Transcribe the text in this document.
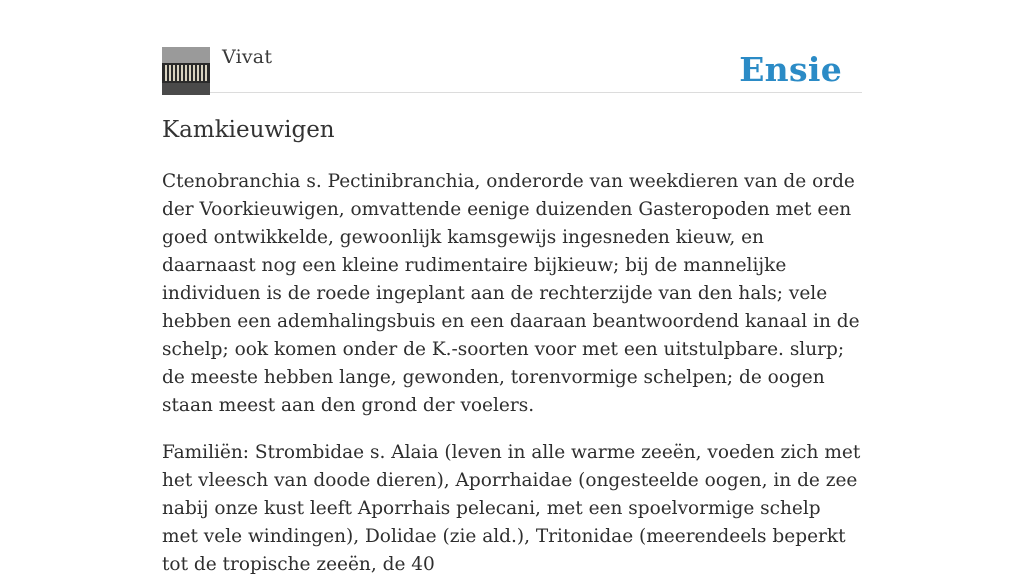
Vivat	Ensie
Kamkieuwigen

Ctenobranchia s. Pectinibranchia, onderorde van weekdieren van de orde der Voorkieuwigen, omvattende eenige duizenden Gasteropoden met een goed ontwikkelde, gewoonlijk kamsgewijs ingesneden kieuw, en daarnaast nog een kleine rudimentaire bijkieuw; bij de mannelijke individuen is de roede ingeplant aan de rechterzijde van den hals; vele hebben een ademhalingsbuis en een daaraan beantwoordend kanaal in de schelp; ook komen onder de K.-soorten voor met een uitstulpbare. slurp; de meeste hebben lange, gewonden, torenvormige schelpen; de oogen staan meest aan den grond der voelers.

Familiën: Strombidae s. Alaia (leven in alle warme zeeën, voeden zich met het vleesch van doode dieren), Aporrhaidae (ongesteelde oogen, in de zee nabij onze kust leeft Aporrhais pelecani, met een spoelvormige schelp met vele windingen), Dolidae (zie ald.), Tritonidae (meerendeels beperkt tot de tropische zeeën, de 40
